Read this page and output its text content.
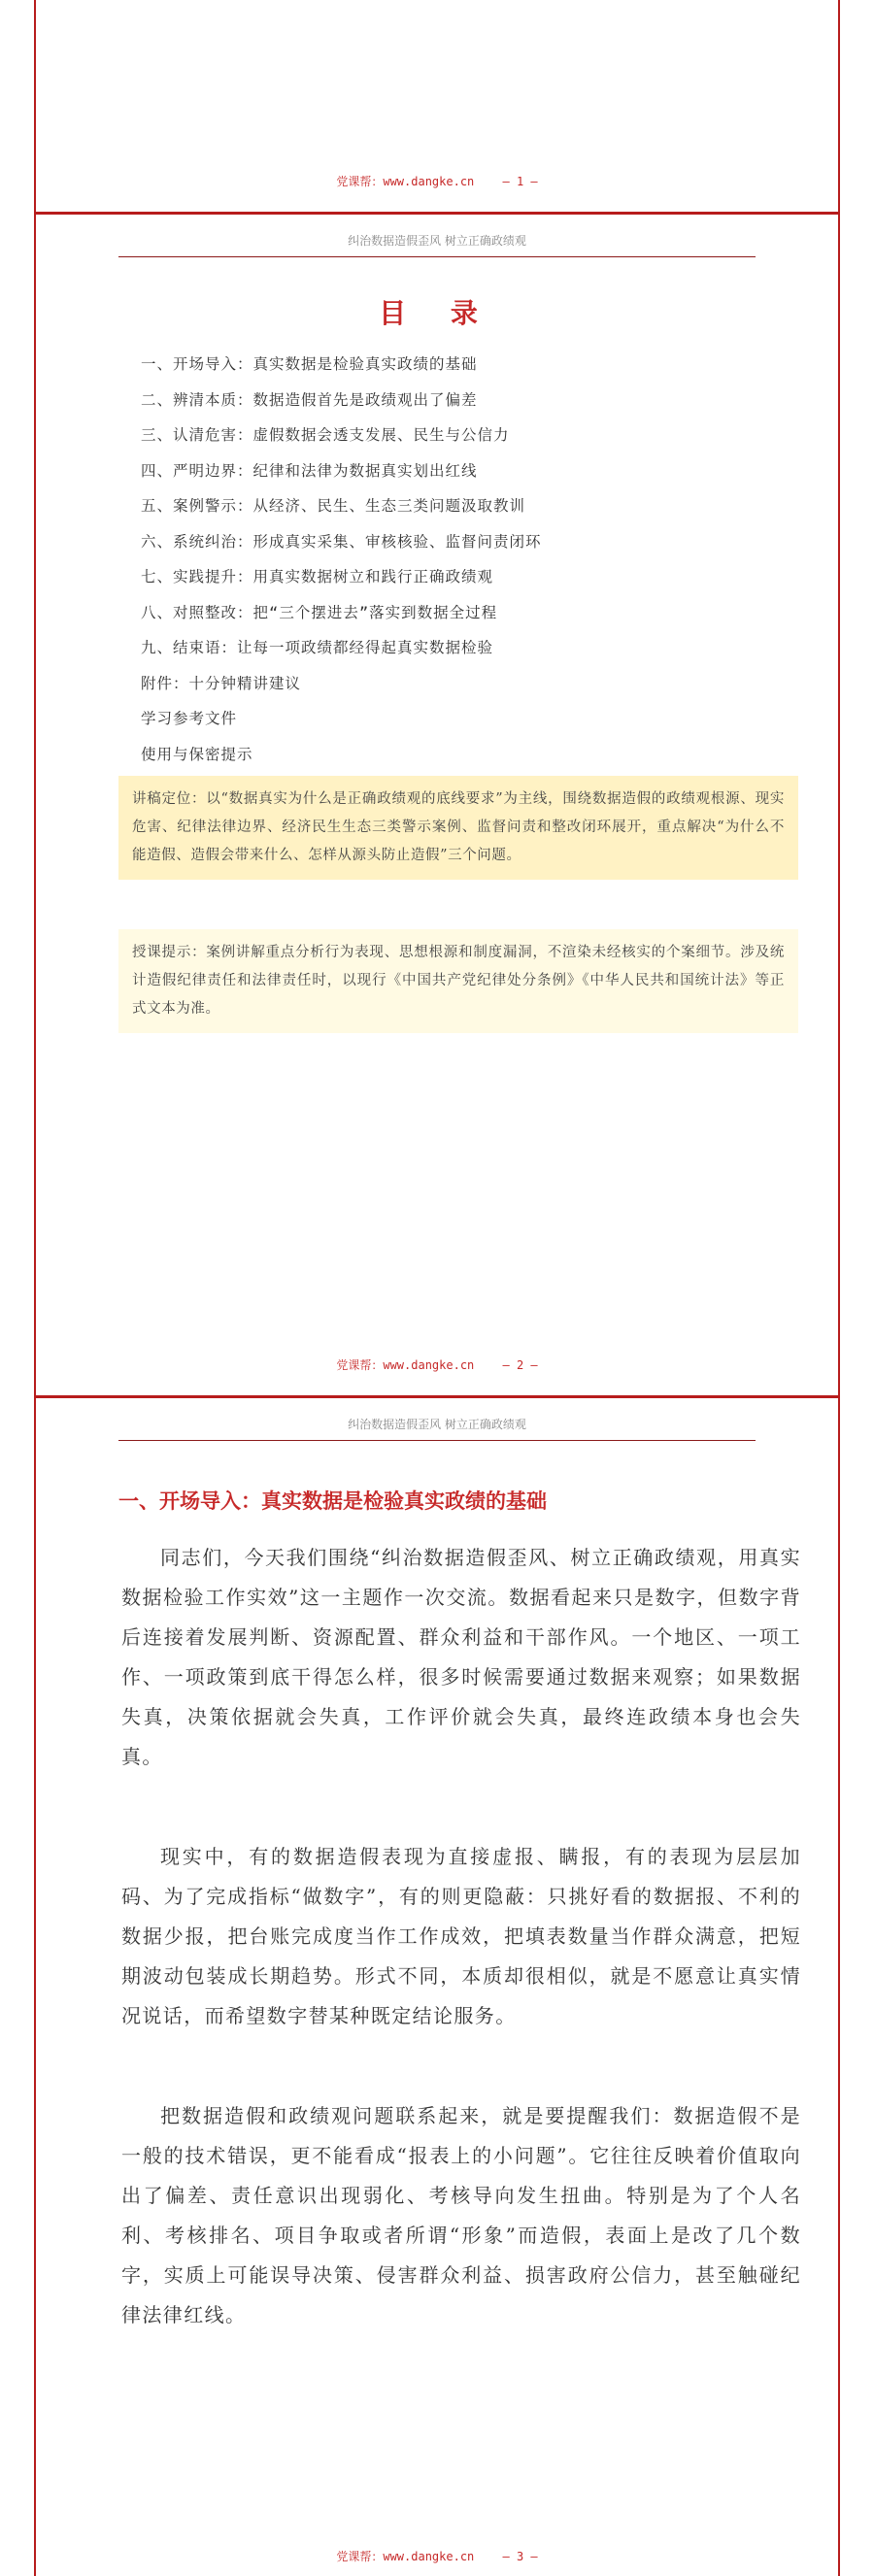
党课帮：www.dangke.cn — 1 —
纠治数据造假歪风 树立正确政绩观
目 录
一、开场导入：真实数据是检验真实政绩的基础
二、辨清本质：数据造假首先是政绩观出了偏差
三、认清危害：虚假数据会透支发展、民生与公信力
四、严明边界：纪律和法律为数据真实划出红线
五、案例警示：从经济、民生、生态三类问题汲取教训
六、系统纠治：形成真实采集、审核核验、监督问责闭环
七、实践提升：用真实数据树立和践行正确政绩观
八、对照整改：把“三个摆进去”落实到数据全过程
九、结束语：让每一项政绩都经得起真实数据检验
附件：十分钟精讲建议
学习参考文件
使用与保密提示
讲稿定位：以“数据真实为什么是正确政绩观的底线要求”为主线，围绕数据造假的政绩观根源、现实危害、纪律法律边界、经济民生生态三类警示案例、监督问责和整改闭环展开，重点解决“为什么不能造假、造假会带来什么、怎样从源头防止造假”三个问题。
授课提示：案例讲解重点分析行为表现、思想根源和制度漏洞，不渲染未经核实的个案细节。涉及统计造假纪律责任和法律责任时，以现行《中国共产党纪律处分条例》《中华人民共和国统计法》等正式文本为准。
党课帮：www.dangke.cn — 2 —
纠治数据造假歪风 树立正确政绩观
一、开场导入：真实数据是检验真实政绩的基础

同志们，今天我们围绕“纠治数据造假歪风、树立正确政绩观，用真实数据检验工作实效”这一主题作一次交流。数据看起来只是数字，但数字背后连接着发展判断、资源配置、群众利益和干部作风。一个地区、一项工作、一项政策到底干得怎么样，很多时候需要通过数据来观察；如果数据失真，决策依据就会失真，工作评价就会失真，最终连政绩本身也会失真。

现实中，有的数据造假表现为直接虚报、瞒报，有的表现为层层加码、为了完成指标“做数字”，有的则更隐蔽：只挑好看的数据报、不利的数据少报，把台账完成度当作工作成效，把填表数量当作群众满意，把短期波动包装成长期趋势。形式不同，本质却很相似，就是不愿意让真实情况说话，而希望数字替某种既定结论服务。

把数据造假和政绩观问题联系起来，就是要提醒我们：数据造假不是一般的技术错误，更不能看成“报表上的小问题”。它往往反映着价值取向出了偏差、责任意识出现弱化、考核导向发生扭曲。特别是为了个人名利、考核排名、项目争取或者所谓“形象”而造假，表面上是改了几个数字，实质上可能误导决策、侵害群众利益、损害政府公信力，甚至触碰纪律法律红线。

党课帮：www.dangke.cn — 3 —
